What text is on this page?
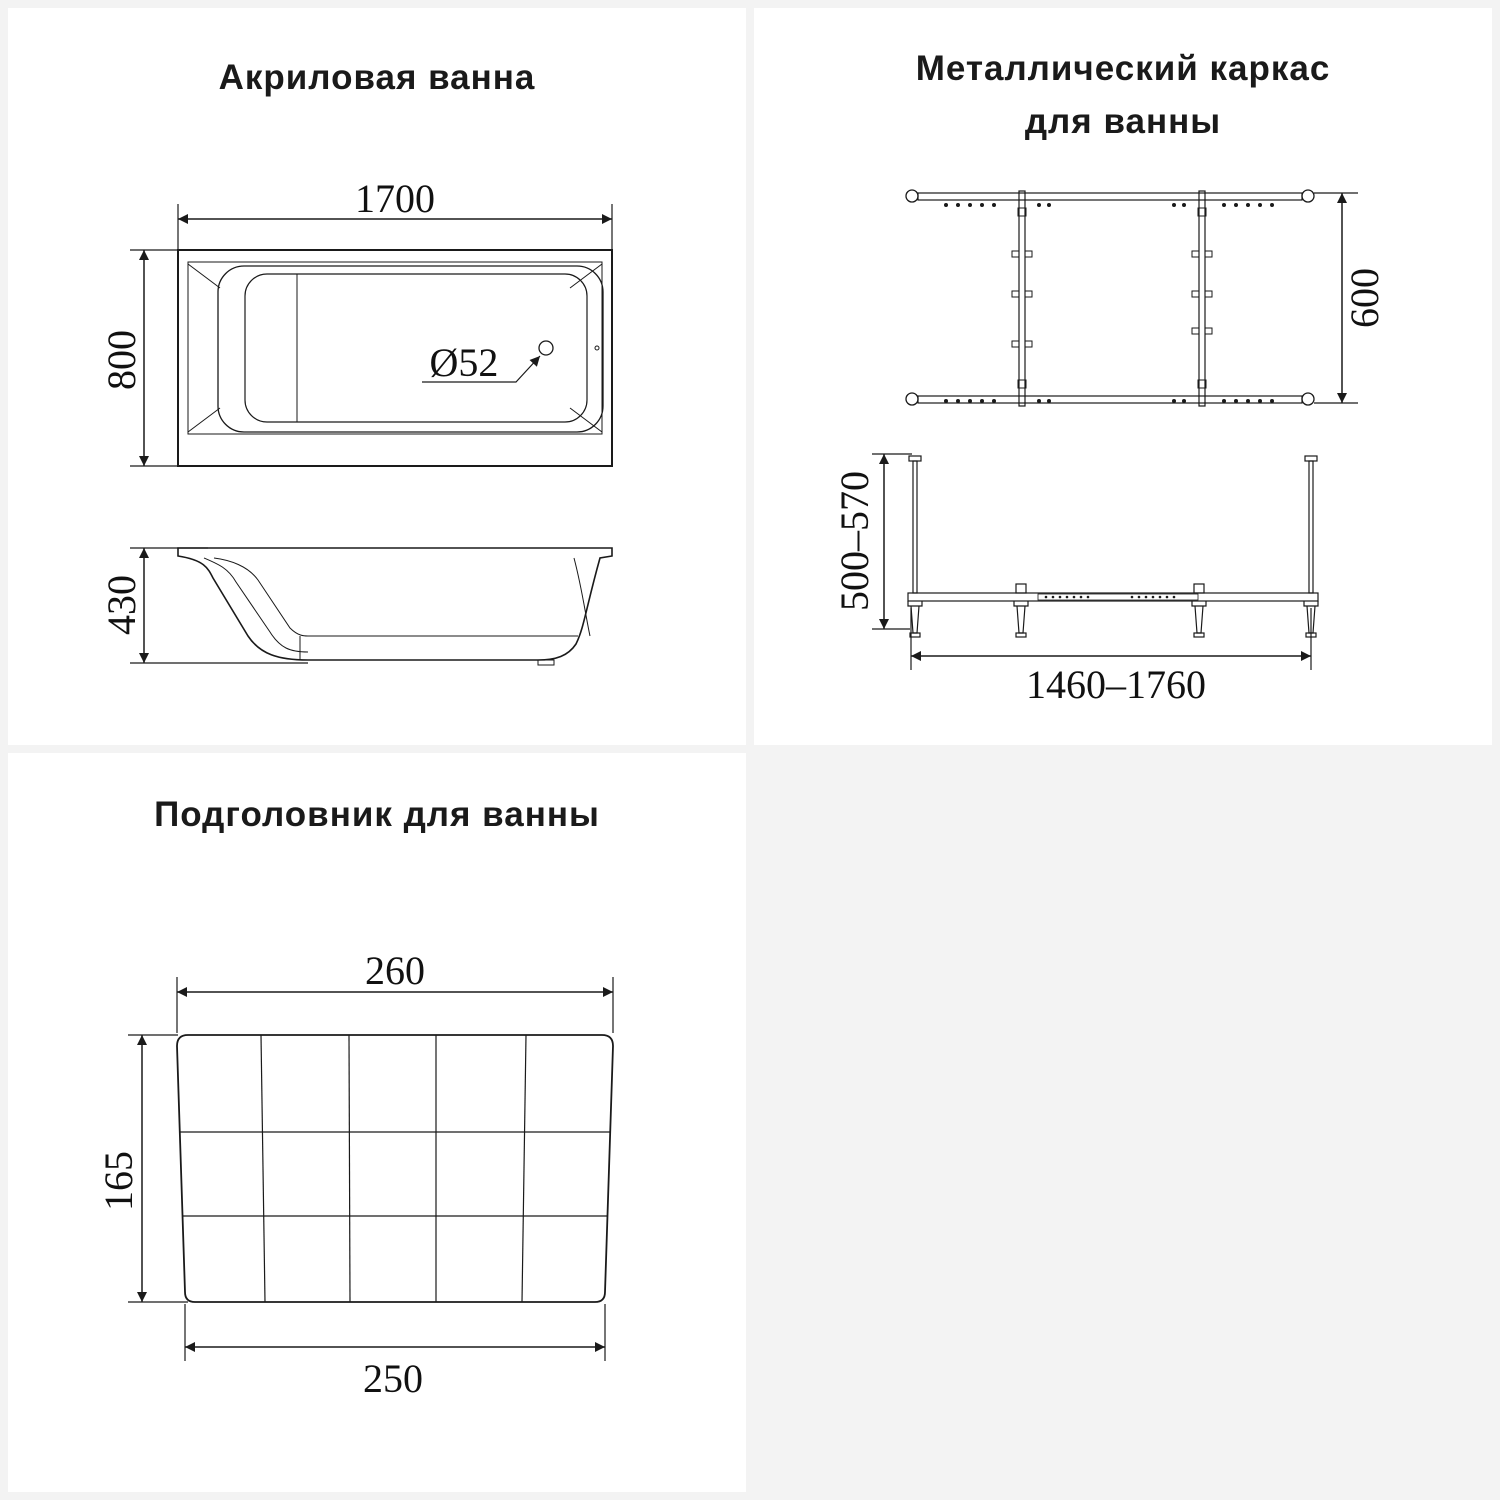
Акриловая ванна
1700
800	Ø52
430
Металлический каркас
для ванны
600
500–570
1460–1760
Подголовник для ванны
260
165
250
